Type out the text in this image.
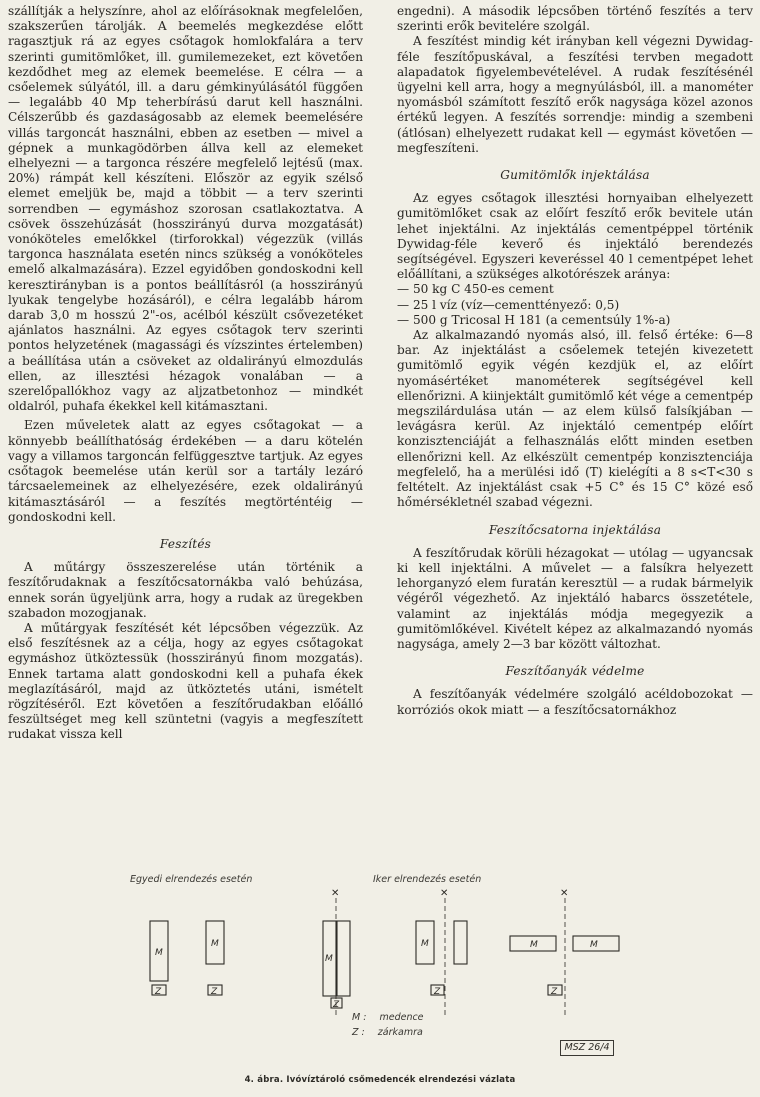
szállítják a helyszínre, ahol az előírásoknak megfelelően, szakszerűen tárolják. A beemelés megkezdése előtt ragasztjuk rá az egyes csőtagok homlokfalára a terv szerinti gumitömlőket, ill. gumilemezeket, ezt követően kezdődhet meg az elemek beemelése. E célra — a csőelemek súlyától, ill. a daru gémkinyúlásától függően — legalább 40 Mp teherbírású darut kell használni. Célszerűbb és gazdaságosabb az elemek beemelésére villás targoncát használni, ebben az esetben — mivel a gépnek a munkagödörben állva kell az elemeket elhelyezni — a targonca részére megfelelő lejtésű (max. 20%) rámpát kell készíteni. Először az egyik szélső elemet emeljük be, majd a többit — a terv szerinti sorrendben — egymáshoz szorosan csatlakoztatva. A csövek összehúzását (hosszirányú durva mozgatását) vonóköteles emelőkkel (tirforokkal) végezzük (villás targonca használata esetén nincs szükség a vonóköteles emelő alkalmazására). Ezzel egyidőben gondoskodni kell keresztirányban is a pontos beállításról (a hosszirányú lyukak tengelybe hozásáról), e célra legalább három darab 3,0 m hosszú 2"-os, acélból készült csővezetéket ajánlatos használni. Az egyes csőtagok terv szerinti pontos helyzetének (magassági és vízszintes értelemben) a beállítása után a csöveket az oldalirányú elmozdulás ellen, az illesztési hézagok vonalában — a szerelőpallókhoz vagy az aljzatbetonhoz — mindkét oldalról, puhafa ékekkel kell kitámasztani.

Ezen műveletek alatt az egyes csőtagokat — a könnyebb beállíthatóság érdekében — a daru kötelén vagy a villamos targoncán felfüggesztve tartjuk. Az egyes csőtagok beemelése után kerül sor a tartály lezáró tárcsaelemeinek az elhelyezésére, ezek oldalirányú kitámasztásáról — a feszítés megtörténtéig — gondoskodni kell.

Feszítés

A műtárgy összeszerelése után történik a feszítőrudaknak a feszítőcsatornákba való behúzása, ennek során ügyeljünk arra, hogy a rudak az üregekben szabadon mozogjanak.

A műtárgyak feszítését két lépcsőben végezzük. Az első feszítésnek az a célja, hogy az egyes csőtagokat egymáshoz ütköztessük (hosszirányú finom mozgatás). Ennek tartama alatt gondoskodni kell a puhafa ékek meglazításáról, majd az ütköztetés utáni, ismételt rögzítéséről. Ezt követően a feszítőrudakban előálló feszültséget meg kell szüntetni (vagyis a megfeszített rudakat vissza kell

engedni). A második lépcsőben történő feszítés a terv szerinti erők bevitelére szolgál.

A feszítést mindig két irányban kell végezni Dywidag-féle feszítőpuskával, a feszítési tervben megadott alapadatok figyelembevételével. A rudak feszítésénél ügyelni kell arra, hogy a megnyúlásból, ill. a manométer nyomásból számított feszítő erők nagysága közel azonos értékű legyen. A feszítés sorrendje: mindig a szembeni (átlósan) elhelyezett rudakat kell — egymást követően — megfeszíteni.

Gumitömlők injektálása

Az egyes csőtagok illesztési hornyaiban elhelyezett gumitömlőket csak az előírt feszítő erők bevitele után lehet injektálni. Az injektálás cementpéppel történik Dywidag-féle keverő és injektáló berendezés segítségével. Egyszeri keveréssel 40 l cementpépet lehet előállítani, a szükséges alkotórészek aránya:

— 50 kg C 450-es cement
— 25 l víz (víz—cementtényező: 0,5)
— 500 g Tricosal H 181 (a cementsúly 1%-a)

Az alkalmazandó nyomás alsó, ill. felső értéke: 6—8 bar. Az injektálást a csőelemek tetején kivezetett gumitömlő egyik végén kezdjük el, az előírt nyomásértéket manométerek segítségével kell ellenőrizni. A kiinjektált gumitömlő két vége a cementpép megszilárdulása után — az elem külső falsíkjában — levágásra kerül. Az injektáló cementpép előírt konzisztenciáját a felhasználás előtt minden esetben ellenőrizni kell. Az elkészült cementpép konzisztenciája megfelelő, ha a merülési idő (T) kielégíti a 8 s<T<30 s feltételt. Az injektálást csak +5 C° és 15 C° közé eső hőmérsékletnél szabad végezni.

Feszítőcsatorna injektálása

A feszítőrudak körüli hézagokat — utólag — ugyancsak ki kell injektálni. A művelet — a falsíkra helyezett lehorganyzó elem furatán keresztül — a rudak bármelyik végéről végezhető. Az injektáló habarcs összetétele, valamint az injektálás módja megegyezik a gumitömlőkével. Kivételt képez az alkalmazandó nyomás nagysága, amely 2—3 bar között változhat.

Feszítőanyák védelme

A feszítőanyák védelmére szolgáló acéldobozokat — korróziós okok miatt — a feszítőcsatornákhoz

Egyedi elrendezés esetén	Iker elrendezés esetén
M
Z
M
Z
M
Z
M
Z
M	M
Z
✕	✕	✕
M : medence
Z : zárkamra
MSZ 26/4
4. ábra. Ivóvíztároló csőmedencék elrendezési vázlata
